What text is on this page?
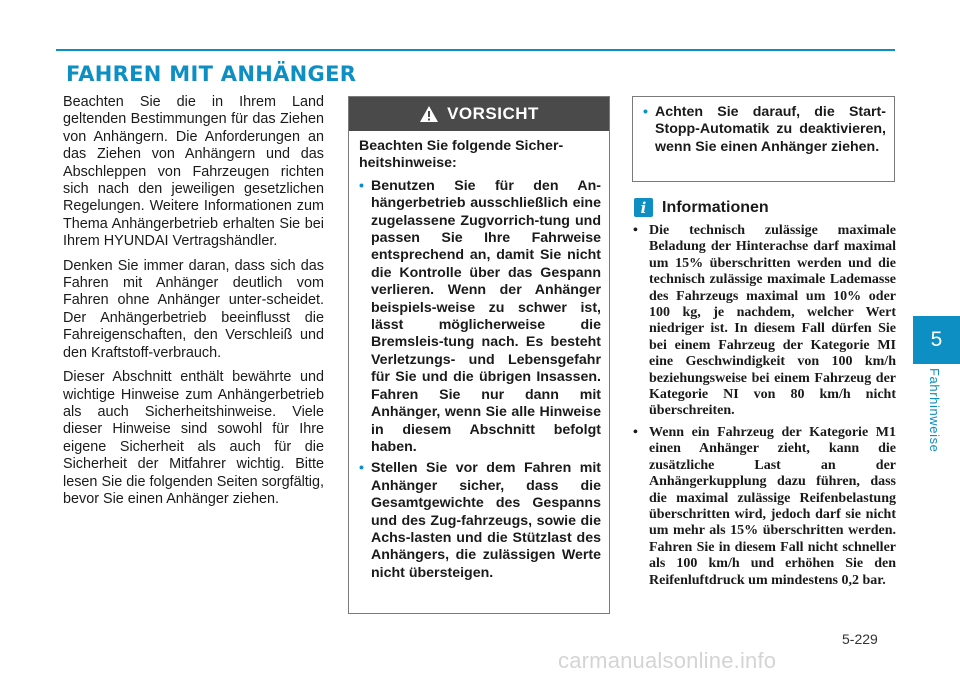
FAHREN MIT ANHÄNGER

Beachten Sie die in Ihrem Land geltenden Bestimmungen für das Ziehen von Anhängern. Die Anforderungen an das Ziehen von Anhängern und das Abschleppen von Fahrzeugen richten sich nach den jeweiligen gesetzlichen Regelungen. Weitere Informationen zum Thema Anhängerbetrieb erhalten Sie bei Ihrem HYUNDAI Vertragshändler.

Denken Sie immer daran, dass sich das Fahren mit Anhänger deutlich vom Fahren ohne Anhänger unter-scheidet. Der Anhängerbetrieb beeinflusst die Fahreigenschaften, den Verschleiß und den Kraftstoff-verbrauch.

Dieser Abschnitt enthält bewährte und wichtige Hinweise zum Anhängerbetrieb als auch Sicherheitshinweise. Viele dieser Hinweise sind sowohl für Ihre eigene Sicherheit als auch für die Sicherheit der Mitfahrer wichtig. Bitte lesen Sie die folgenden Seiten sorgfältig, bevor Sie einen Anhänger ziehen.

VORSICHT

Beachten Sie folgende Sicher-heitshinweise:

• Benutzen Sie für den An-hängerbetrieb ausschließlich eine zugelassene Zugvorrich-tung und passen Sie Ihre Fahrweise entsprechend an, damit Sie nicht die Kontrolle über das Gespann verlieren. Wenn der Anhänger beispiels-weise zu schwer ist, lässt möglicherweise die Bremsleis-tung nach. Es besteht Verletzungs- und Lebensgefahr für Sie und die übrigen Insassen. Fahren Sie nur dann mit Anhänger, wenn Sie alle Hinweise in diesem Abschnitt befolgt haben.
• Stellen Sie vor dem Fahren mit Anhänger sicher, dass die Gesamtgewichte des Gespanns und des Zug-fahrzeugs, sowie die Achs-lasten und die Stützlast des Anhängers, die zulässigen Werte nicht übersteigen.
• Achten Sie darauf, die Start-Stopp-Automatik zu deaktivieren, wenn Sie einen Anhänger ziehen.
i Informationen
• Die technisch zulässige maximale Beladung der Hinterachse darf maximal um 15% überschritten werden und die technisch zulässige maximale Lademasse des Fahrzeugs maximal um 10% oder 100 kg, je nachdem, welcher Wert niedriger ist. In diesem Fall dürfen Sie bei einem Fahrzeug der Kategorie MI eine Geschwindigkeit von 100 km/h beziehungsweise bei einem Fahrzeug der Kategorie NI von 80 km/h nicht überschreiten.
• Wenn ein Fahrzeug der Kategorie M1 einen Anhänger zieht, kann die zusätzliche Last an der Anhängerkupplung dazu führen, dass die maximal zulässige Reifenbelastung überschritten wird, jedoch darf sie nicht um mehr als 15% überschritten werden. Fahren Sie in diesem Fall nicht schneller als 100 km/h und erhöhen Sie den Reifenluftdruck um mindestens 0,2 bar.
5
Fahrhinweise
5-229
carmanualsonline.info
